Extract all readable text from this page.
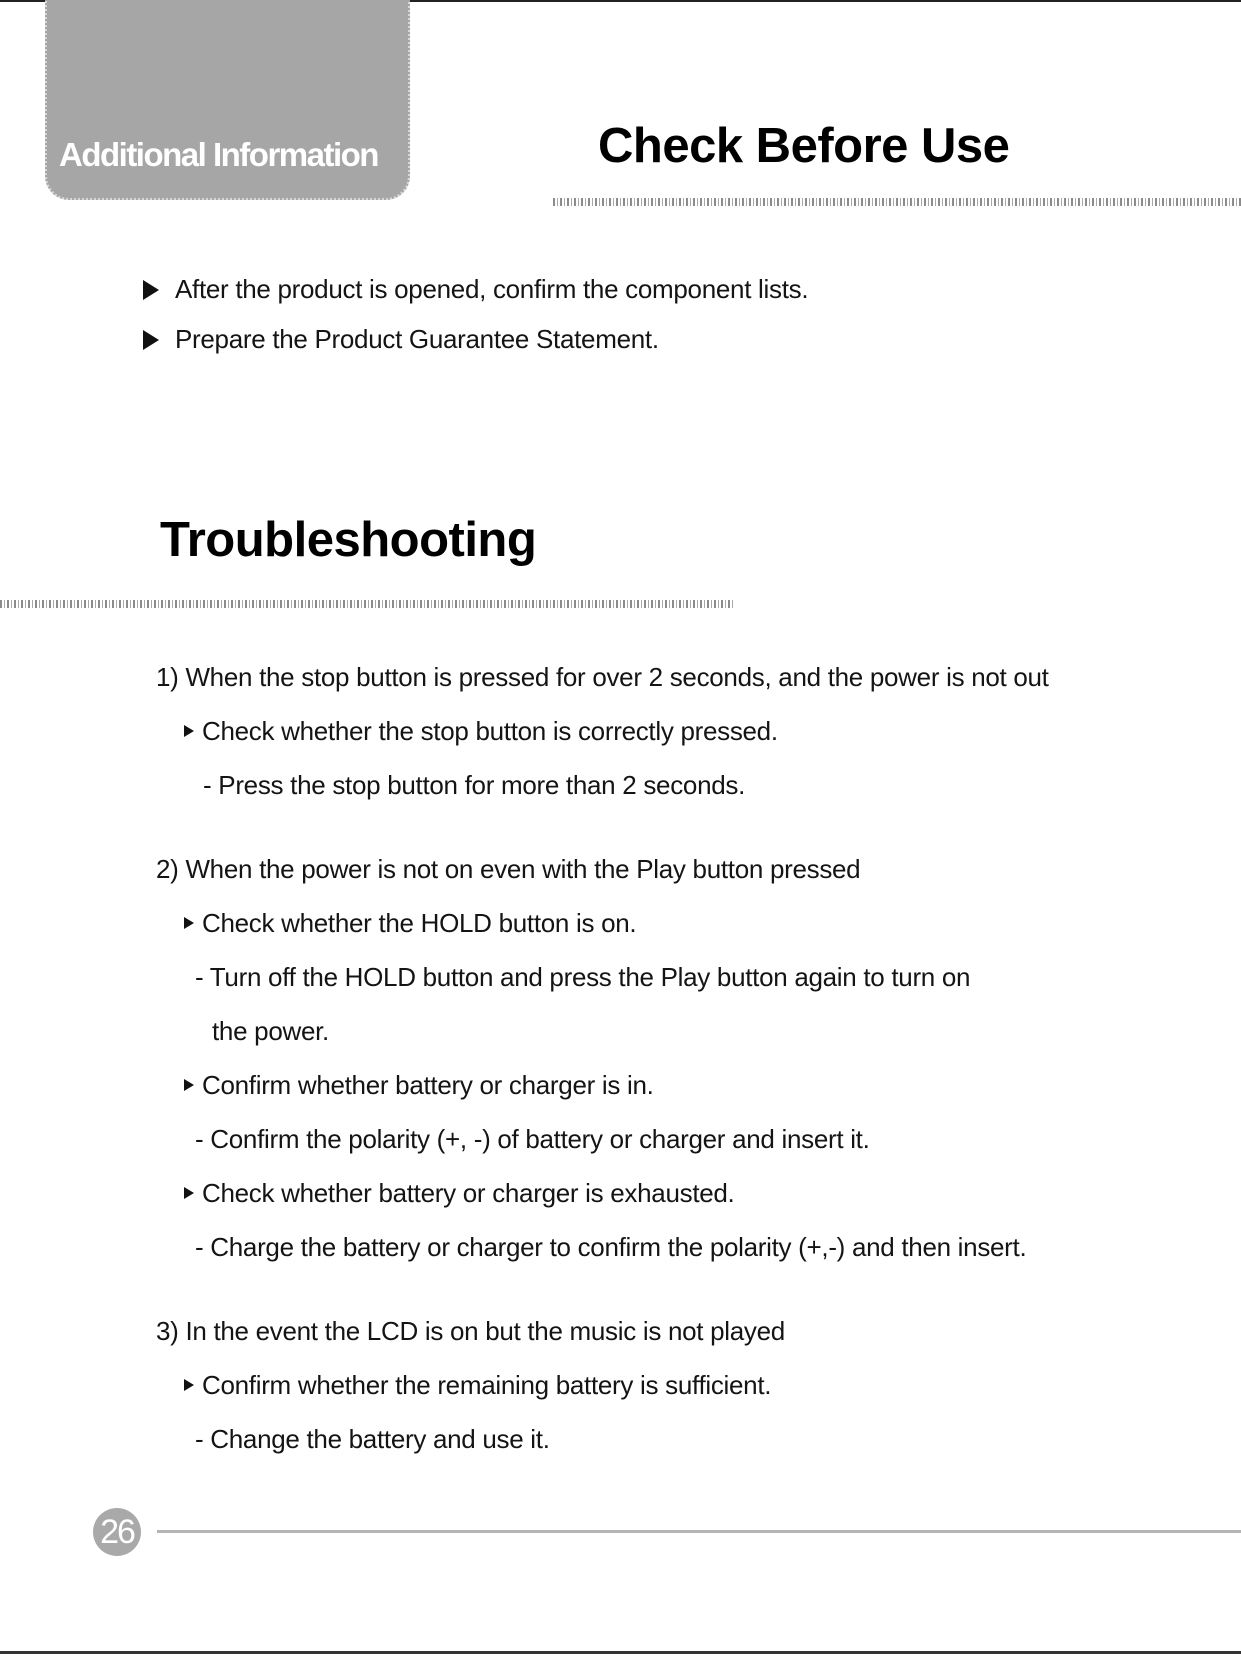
Additional Information	Check Before Use
After the product is opened, confirm the component lists.
Prepare the Product Guarantee Statement.
Troubleshooting
1) When the stop button is pressed for over 2 seconds, and the power is not out
Check whether the stop button is correctly pressed.
- Press the stop button for more than 2 seconds.
2) When the power is not on even with the Play button pressed
Check whether the HOLD button is on.
- Turn off the HOLD button and press the Play button again to turn on
the power.
Confirm whether battery or charger is in.
- Confirm the polarity (+, -) of battery or charger and insert it.
Check whether battery or charger is exhausted.
- Charge the battery or charger to confirm the polarity (+,-) and then insert.
3) In the event the LCD is on but the music is not played
Confirm whether the remaining battery is sufficient.
- Change the battery and use it.
26
